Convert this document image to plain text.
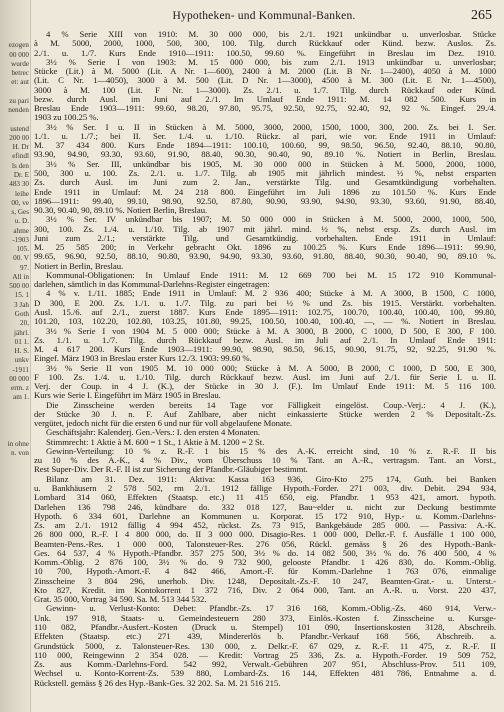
ezogen
00 000
wurde
betrec
et: aut
zu pari
nenden
ustend
200 00
H. Dr
efindl
ls den
Dr. E
483 30
leihe
00, ve
s, Ges
u. D.
ahme
-1903
105.
00. V
97.
All in
500 00
15. 1
3 Jah
Goth
20,
jährl.
01 1.
H. S.
unkv
-1911
00 000
erm. z
am 1.
in ohne
n. von
Hypotheken- und Kommunal-Banken.	265
4 % Serie XIII von 1910: M. 30 000 000, bis 2./1. 1921 unkündbar u. unverlosbar. Stücke
à M. 5000, 2000, 1000, 500, 300, 100. Tilg. durch Rückkauf oder Künd. bezw. Auslos. Zs.
2./1. u. 1./7. Kurs Ende 1910—1911: 100.50, 99.60 %. Eingeführt in Breslau im Dez. 1910.
3½ % Serie I von 1903: M. 15 000 000, bis zum 2./1. 1913 unkündbar u. unverlosbar;
Stücke (Lit.) à M. 5000 (Lit. A Nr. 1—600), 2400 à M. 2000 (Lit. B Nr. 1—2400), 4050 à M. 1000
(Lit. C Nr. 1—4050), 3000 à M. 500 (Lit. D Nr. 1—3000), 4500 à M. 300 (Lit. E Nr. 1—4500),
3000 à M. 100 (Lit. F Nr. 1—3000). Zs. 2./1. u. 1./7. Tilg. durch Rückkauf oder Künd.
bezw. durch Ausl. im Juni auf 2./1. Im Umlauf Ende 1911: M. 14 082 500. Kurs in
Breslau Ende 1903—1911: 99.60, 98.20, 97.80, 95.75, 92.50, 92.75, 92.40, 92, 92 %. Eingef. 29./4.
1903 zu 100.25 %.
3½ % Ser. I u. II in Stücken à M. 5000, 3000, 2000, 1500, 1000, 300, 200. Zs. bei I. Ser.
1./1. u. 1./7.; bei II. Ser. 1./4. u. 1./10. Rückz. al pari, wie vor. Ende 1911 in Umlauf:
M. 37 434 800. Kurs Ende 1894—1911: 100.10, 100.60, 99, 98.50, 96.50, 92.40, 88.10, 90.80,
93.90, 94.90, 93.30, 93.60, 91.90, 88.40, 90.30, 90.40, 90, 89.10 %. Notiert in Berlin, Breslau.
3½ % Ser. III, unkündbar bis 1905, M. 30 000 000 in Stücken à M. 5000, 2000, 1000,
500, 300 u. 100. Zs. 2./1. u. 1./7. Tilg. ab 1905 mit jährlich mindest. ½ %, nebst ersparten
Zs. durch Ausl. im Juni zum 2. Jan., verstärkte Tilg. und Gesamtkündigung vorbehalten.
Ende 1911 in Umlauf: M. 24 218 800. Eingeführt im Juli 1896 zu 101.50 %. Kurs Ende
1896—1911: 99.40, 99.10, 98.90, 92.50, 87.80, 90.90, 93.90, 94.90, 93.30, 93.60, 91.90, 88.40,
90.30, 90.40, 90, 89.10 %. Notiert Berlin, Breslau.
3½ % Ser. IV unkündbar bis 1907; M. 50 000 000 in Stücken à M. 5000, 2000, 1000, 500,
300, 100. Zs. 1./4. u. 1./10. Tilg. ab 1907 mit jährl. mind. ½ %, nebst ersp. Zs. durch Ausl. im
Juni zum 2./1.; verstärkte Tilg. und Gesamtkündig. vorbehalten. Ende 1911 in Umlauf:
M. 25 585 200; in Verkehr gebracht Okt. 1896 zu 100.25 %. Kurs Ende 1896—1911: 99.90,
99.65, 96.90, 92.50, 88.10, 90.80, 93.90, 94.90, 93.30, 93.60, 91.80, 88.40, 90.30, 90.40, 90, 89.10 %.
Notiert in Berlin, Breslau.
Kommunal-Obligationen: In Umlauf Ende 1911: M. 12 669 700 bei M. 15 172 910 Kommunal-
darlehen, sämtlich in das Kommunal-Darlehns-Register eingetragen:
4 % v. 1./11. 1885; Ende 1911 in Umlauf: M. 2 936 400; Stücke à M. A 3000, B 1500, C 1000,
D 300, E 200. Zs. 1./1. u. 1./7. Tilg. zu pari bei ½ % und Zs. bis 1915. Verstärkt. vorbehalten.
Ausl. 15./6. auf 2./1., zuerst 1887. Kurs Ende 1895—1911: 102.75, 100.70, 100.40, 100.40, 100, 99.80,
101.20, 103, 102.20, 102.80, 103.25, 101.80, 99.25, 100.50, 100.40, 100.40, —, — %. Notiert in Breslau.
3½ % Serie I von 1904 M. 5 000 000; Stücke à M. A 3000, B 2000, C 1000, D 500, E 300, F 100.
Zs. 1./1. u. 1./7. Tilg. durch Rückkauf bezw. Ausl. im Juli auf 2./1. In Umlauf Ende 1911:
M. 4 617 200. Kurs Ende 1903—1911: 99.90, 98.90, 98.50, 96.15, 90.90, 91.75, 92, 92.25, 91.90 %.
Eingef. März 1903 in Breslau erster Kurs 12./3. 1903: 99.60 %.
3½ % Serie II von 1905 M. 10 000 000; Stücke à M. A 5000, B 2000, C 1000, D 500, E 300,
F 100. Zs. 1./4. u. 1./10. Tilg. durch Rückkauf bezw. Ausl. im Juni auf 2./1. für Serie I. u. II.
Verj. der Coup. in 4 J. (K.), der Stücke in 30 J. (F.). Im Umlauf Ende 1911: M. 5 116 100.
Kurs wie Serie I. Eingeführt im März 1905 in Breslau.
Die Zinsscheine werden bereits 14 Tage vor Fälligkeit eingelöst. Coup.-Verj.: 4 J. (K.),
der Stücke 30 J. n. F. Auf Zahlbare, aber nicht einkassierte Stücke werden 2 % Depositalt.-Zs.
vergütet, jedoch nicht für die ersten 6 und nur für voll abgelaufene Monate.
Geschäftsjahr: Kalenderj. Gen.-Vers.: I. den ersten 4 Monaten.
Stimmrecht: 1 Aktie à M. 600 = 1 St., 1 Aktie à M. 1200 = 2 St.
Gewinn-Verteilung: 10 % z. R.-F. 1 bis 15 % des A.-K. erreicht sind, 10 % z. R.-F. II bis
zu 10 % des A.-K., 4 % Div., vom Überschuss 10 % Tant. an A.-R., vertragsm. Tant. an Vorst.,
Rest Super-Div. Der R.-F. II ist zur Sicherung der Pfandbr.-Gläubiger bestimmt.
Bilanz am 31. Dez. 1911: Aktiva: Kassa 163 936, Giro-Kto 275 174, Guth. bei Banken
u. Bankhäusern 2 578 502, rm 2./1. 1912 fällige Hypoth.-Forder. 271 003, div. Debit. 294 934,
Lombard 314 060, Effekten (Staatsp. etc.) 11 415 650, eig. Pfandbr. 1 953 421, amort. hypoth.
Darlehen 136 798 246, kündbare do. 332 018 127, Bau~elder u. nicht zur Deckung bestimmte
Hypoth. 6 334 601, Darlehne an Kommunen u. Korporat. 15 172 910, Hyp.- u. Komm.-Darlehns-
Zs. am 2./1. 1912 fällig 4 994 452, rückst. Zs. 73 915, Bankgebäude 285 000. — Passiva: A.-K.
26 800 000, R.-F. I 4 800 000, do. II 3 000 000. Disagio-Res. 1 000 000, Delkr.-F. f. Ausfälle 1 100 000,
Beamten-Pens.-Res. 1 000 000, Talonsteuer-Res. 276 056, Rückl. gemäss § 26 des Hypoth.-Bank-
Ges. 64 537, 4 % Hypoth.-Pfandbr. 357 275 500, 3½ % do. 14 082 500, 3½ % do. 76 400 500, 4 %
Komm.-Oblig. 2 876 100, 3½ % do. 9 732 900, gelooste Pfandbr. 1 426 830, do. Komm.-Oblig.
10 700, Hypoth.-Amort.-F. 4 842 466, Amort.-F. für Komm.-Darlehne 1 763 076, einmalige
Zinsscheine 3 804 296, unerhob. Div. 1248, Depositalt.-Zs.-F. 10 247, Beamten-Grat.- u. Unterst.-
Kto 827, Kredit. im Kontokorrent 1 372 716, Div. 2 064 000, Tant. an A.-R. u. Vorst. 220 437,
Grat. 35 000, Vortrag 34 590. Sa. M. 513 344 532.
Gewinn- u. Verlust-Konto: Debet: Pfandbr.-Zs. 17 316 168, Komm.-Oblig.-Zs. 460 914, Verw.-
Unk. 197 918, Staats- u. Gemeindesteuern 280 373, Einlös.-Kosten f. Zinsscheine u. Kursge-
110 082, Pfandbr.-Ausfert.-Kosten (Druck u. Stempel) 101 090, Insertionskosten 3128, Abschreib.
Effekten (Staatsp. etc.) 271 439, Mindererlös b. Pfandbr.-Verkauf 168 566, Abschreib. a.
Grundstück 5000, z. Talonsteuer-Res. 130 000, z. Delkr.-F. 67 029, z. R.-F. 11 475, z. R.-F. II
110 000, Reingewinn 2 354 028. — Kredit: Vortrag 25 336, Zs. a. Hypoth.-Forder. 19 509 752,
Zs. aus Komm.-Darlehns-Ford. 542 992, Verwalt.-Gebühren 207 951, Abschluss-Prov. 511 109,
Wechsel u. Konto-Korrent-Zs. 539 880, Lombard-Zs. 16 144, Effekten 481 786, Entnahme a. d.
Rückstell. gemäss § 26 des Hyp.-Bank-Ges. 32 202. Sa. M. 21 516 215.
